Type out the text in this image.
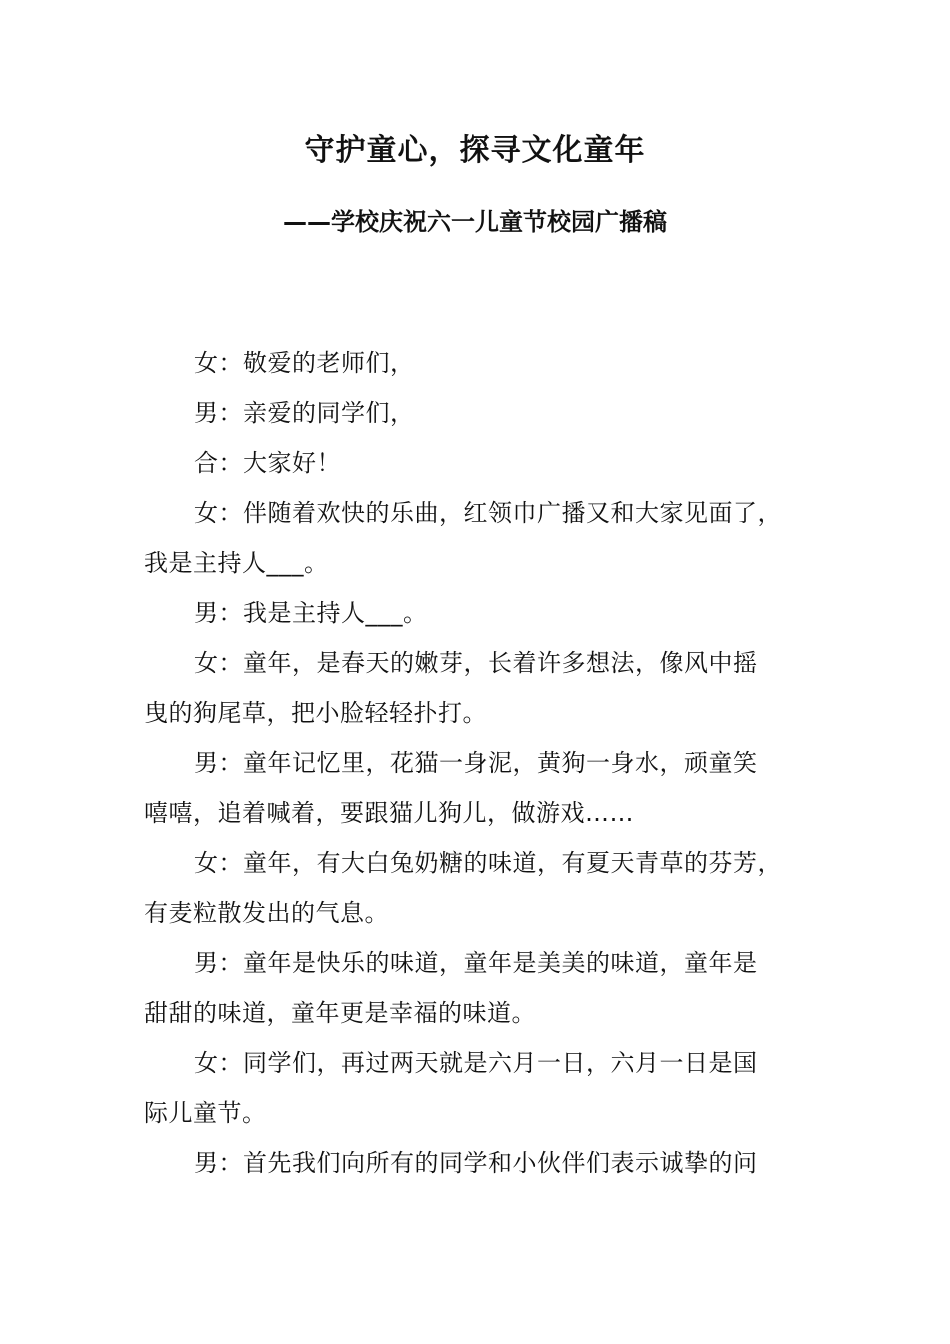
守护童心，探寻文化童年
——学校庆祝六一儿童节校园广播稿

女：敬爱的老师们，

男：亲爱的同学们，

合：大家好！

女：伴随着欢快的乐曲，红领巾广播又和大家见面了，

我是主持人___。

男：我是主持人___。

女：童年，是春天的嫩芽，长着许多想法，像风中摇

曳的狗尾草，把小脸轻轻扑打。

男：童年记忆里，花猫一身泥，黄狗一身水，顽童笑

嘻嘻，追着喊着，要跟猫儿狗儿，做游戏……

女：童年，有大白兔奶糖的味道，有夏天青草的芬芳，

有麦粒散发出的气息。

男：童年是快乐的味道，童年是美美的味道，童年是

甜甜的味道，童年更是幸福的味道。

女：同学们，再过两天就是六月一日，六月一日是国

际儿童节。

男：首先我们向所有的同学和小伙伴们表示诚挚的问
